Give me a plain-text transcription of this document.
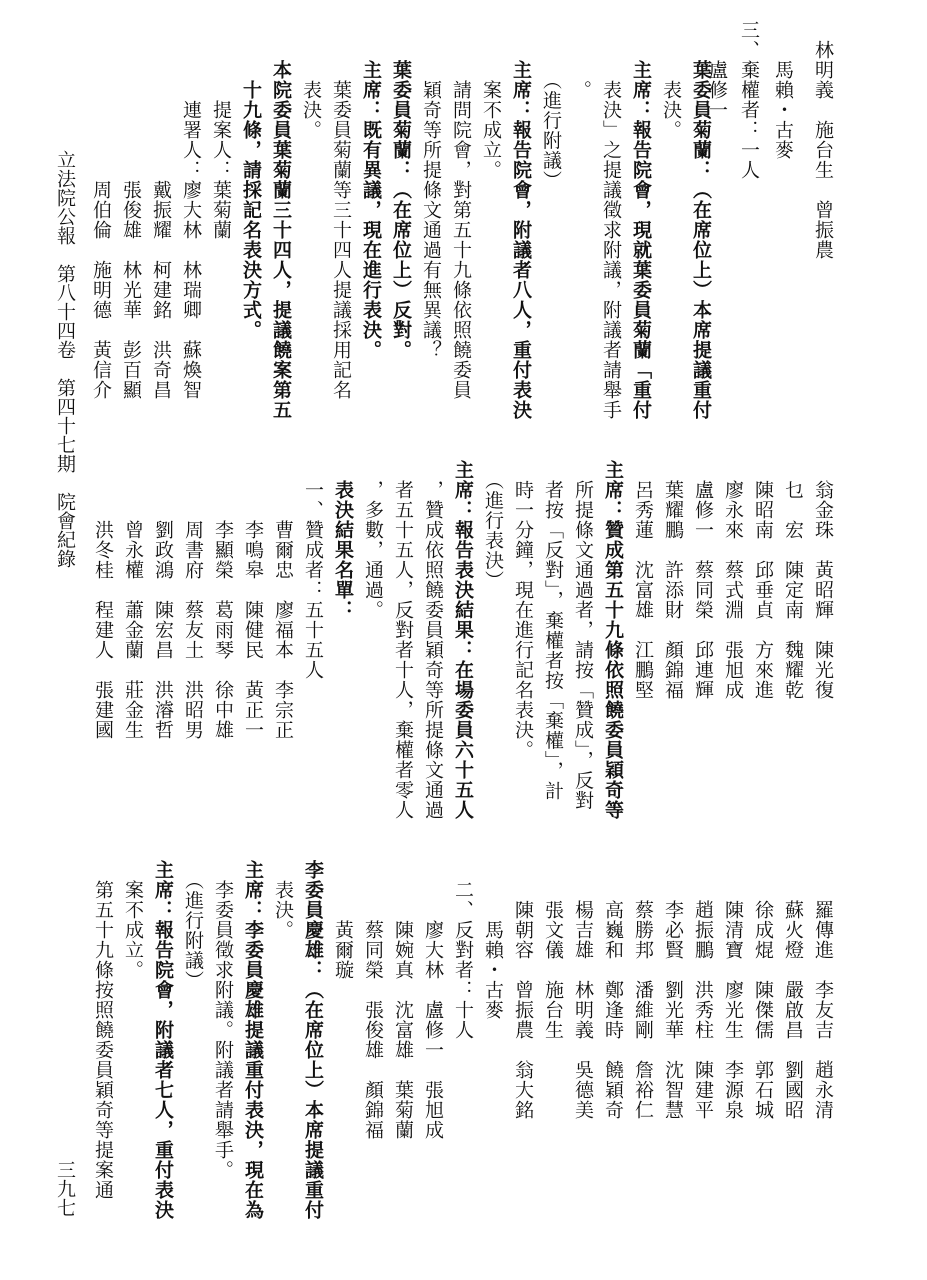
　　林明義　施台生　曾振農
　　　馬賴・古麥
　三、棄權者：一人
　　　盧修一
葉委員菊蘭：（在席位上）本席提議重付
　表決。
主席：報告院會，現就葉委員菊蘭「重付
　表決」之提議徵求附議，附議者請舉手
　。
　（進行附議）
主席：報告院會，附議者八人，重付表決
　案不成立。
　請問院會，對第五十九條依照饒委員
　穎奇等所提條文通過有無異議？
葉委員菊蘭：（在席位上）反對。
主席：既有異議，現在進行表決。
　葉委員菊蘭等三十四人提議採用記名
　表決。
本院委員葉菊蘭三十四人，提議饒案第五
　十九條，請採記名表決方式。
　　提案人：葉菊蘭
　　連署人：廖大林　林瑞卿　蘇煥智
　　　　　　戴振耀　柯建銘　洪奇昌
　　　　　　張俊雄　林光華　彭百顯
　　　　　　周伯倫　施明德　黃信介
立法院公報　第八十四卷　第四十七期　院會紀錄
　　翁金珠　黃昭輝　陳光復
　　乜　宏　陳定南　魏耀乾
　　陳昭南　邱垂貞　方來進
　　廖永來　蔡式淵　張旭成
　　盧修一　蔡同榮　邱連輝
　　葉耀鵬　許添財　顏錦福
　　呂秀蓮　沈富雄　江鵬堅
主席：贊成第五十九條依照饒委員穎奇等
　所提條文通過者，請按「贊成」，反對
　者按「反對」，棄權者按「棄權」，計
　時一分鐘，現在進行記名表決。
　（進行表決）
主席：報告表決結果：在場委員六十五人
　，贊成依照饒委員穎奇等所提條文通過
　者五十五人，反對者十人，棄權者零人
　，多數，通過。
　表決結果名單：
　一、贊成者：五十五人
　　　曹爾忠　廖福本　李宗正
　　　李鳴皋　陳健民　黃正一
　　　李顯榮　葛雨琴　徐中雄
　　　周書府　蔡友土　洪昭男
　　　劉政鴻　陳宏昌　洪濬哲
　　　曾永權　蕭金蘭　莊金生
　　　洪冬桂　程建人　張建國
　　羅傳進　李友吉　趙永清
　　蘇火燈　嚴啟昌　劉國昭
　　徐成焜　陳傑儒　郭石城
　　陳清寶　廖光生　李源泉
　　趙振鵬　洪秀柱　陳建平
　　李必賢　劉光華　沈智慧
　　蔡勝邦　潘維剛　詹裕仁
　　高巍和　鄭逢時　饒穎奇
　　楊吉雄　林明義　吳德美
　　張文儀　施台生　
　　陳朝容　曾振農　翁大銘
　　　馬賴・古麥
　二、反對者：十人
　　　廖大林　盧修一　張旭成
　　　陳婉真　沈富雄　葉菊蘭
　　　蔡同榮　張俊雄　顏錦福
　　　黃爾璇
李委員慶雄：（在席位上）本席提議重付
　表決。
主席：李委員慶雄提議重付表決，現在為
　李委員徵求附議。附議者請舉手。
　（進行附議）
主席：報告院會，附議者七人，重付表決
　案不成立。
　第五十九條按照饒委員穎奇等提案通
三九七
